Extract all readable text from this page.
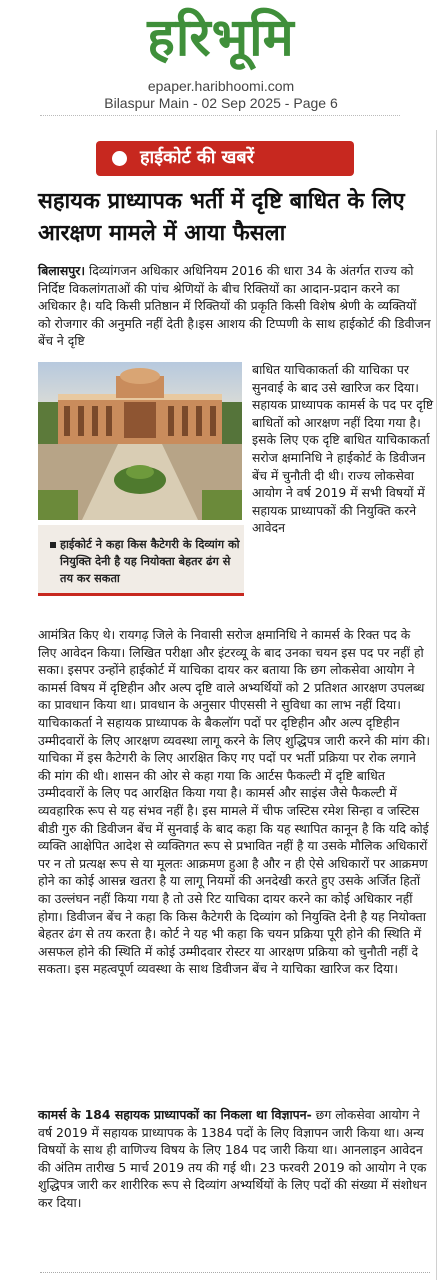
हरिभूमि
epaper.haribhoomi.com
Bilaspur Main - 02 Sep 2025 - Page 6
हाईकोर्ट की खबरें
सहायक प्राध्यापक भर्ती में दृष्टि बाधित के लिए आरक्षण मामले में आया फैसला
बिलासपुर। दिव्यांगजन अधिकार अधिनियम 2016 की धारा 34 के अंतर्गत राज्य को निर्दिष्ट विकलांगताओं की पांच श्रेणियों के बीच रिक्तियों का आदान-प्रदान करने का अधिकार है। यदि किसी प्रतिष्ठान में रिक्तियों की प्रकृति किसी विशेष श्रेणी के व्यक्तियों को रोजगार की अनुमति नहीं देती है।इस आशय की टिप्पणी के साथ हाईकोर्ट की डिवीजन बेंच ने दृष्टि
हाईकोर्ट ने कहा किस कैटेगरी के दिव्यांग को नियुक्ति देनी है यह नियोक्ता बेहतर ढंग से तय कर सकता
बाधित याचिकाकर्ता की याचिका पर सुनवाई के बाद उसे खारिज कर दिया।
सहायक प्राध्यापक कामर्स के पद पर दृष्टि बाधितों को आरक्षण नहीं दिया गया है। इसके लिए एक दृष्टि बाधित याचिकाकर्ता सरोज क्षमानिधि ने हाईकोर्ट के डिवीजन बेंच में चुनौती दी थी। राज्य लोकसेवा आयोग ने वर्ष 2019 में सभी विषयों में सहायक प्राध्यापकों की नियुक्ति करने आवेदन
आमंत्रित किए थे। रायगढ़ जिले के निवासी सरोज क्षमानिधि ने कामर्स के रिक्त पद के लिए आवेदन किया। लिखित परीक्षा और इंटरव्यू के बाद उनका चयन इस पद पर नहीं हो सका। इसपर उन्होंने हाईकोर्ट में याचिका दायर कर बताया कि छग लोकसेवा आयोग ने कामर्स विषय में दृष्टिहीन और अल्प दृष्टि वाले अभ्यर्थियों को 2 प्रतिशत आरक्षण उपलब्ध का प्रावधान किया था। प्रावधान के अनुसार पीएससी ने सुविधा का लाभ नहीं दिया। याचिकाकर्ता ने सहायक प्राध्यापक के बैकलॉग पदों पर दृष्टिहीन और अल्प दृष्टिहीन उम्मीदवारों के लिए आरक्षण व्यवस्था लागू करने के लिए शुद्धिपत्र जारी करने की मांग की। याचिका में इस कैटेगरी के लिए आरक्षित किए गए पदों पर भर्ती प्रक्रिया पर रोक लगाने की मांग की थी। शासन की ओर से कहा गया कि आर्टस फैकल्टी में दृष्टि बाधित उम्मीदवारों के लिए पद आरक्षित किया गया है। कामर्स और साइंस जैसे फैकल्टी में व्यवहारिक रूप से यह संभव नहीं है। इस मामले में चीफ जस्टिस रमेश सिन्हा व जस्टिस बीडी गुरु की डिवीजन बेंच में सुनवाई के बाद कहा कि यह स्थापित कानून है कि यदि कोई व्यक्ति आक्षेपित आदेश से व्यक्तिगत रूप से प्रभावित नहीं है या उसके मौलिक अधिकारों पर न तो प्रत्यक्ष रूप से या मूलतः आक्रमण हुआ है और न ही ऐसे अधिकारों पर आक्रमण होने का कोई आसन्न खतरा है या लागू नियमों की अनदेखी करते हुए उसके अर्जित हितों का उल्लंघन नहीं किया गया है तो उसे रिट याचिका दायर करने का कोई अधिकार नहीं होगा। डिवीजन बेंच ने कहा कि किस कैटेगरी के दिव्यांग को नियुक्ति देनी है यह नियोक्ता बेहतर ढंग से तय करता है। कोर्ट ने यह भी कहा कि चयन प्रक्रिया पूरी होने की स्थिति में असफल होने की स्थिति में कोई उम्मीदवार रोस्टर या आरक्षण प्रक्रिया को चुनौती नहीं दे सकता। इस महत्वपूर्ण व्यवस्था के साथ डिवीजन बेंच ने याचिका खारिज कर दिया।
कामर्स के 184 सहायक प्राध्यापकों का निकला था विज्ञापन- छग लोकसेवा आयोग ने वर्ष 2019 में सहायक प्राध्यापक के 1384 पदों के लिए विज्ञापन जारी किया था। अन्य विषयों के साथ ही वाणिज्य विषय के लिए 184 पद जारी किया था। आनलाइन आवेदन की अंतिम तारीख 5 मार्च 2019 तय की गई थी। 23 फरवरी 2019 को आयोग ने एक शुद्धिपत्र जारी कर शारीरिक रूप से दिव्यांग अभ्यर्थियों के लिए पदों की संख्या में संशोधन कर दिया।
